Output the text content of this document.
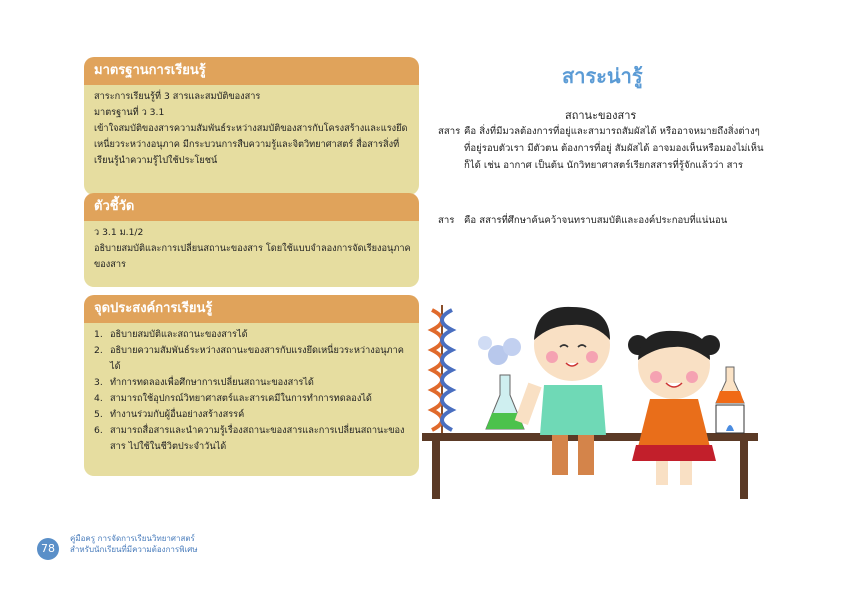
มาตรฐานการเรียนรู้

สาระการเรียนรู้ที่ 3 สารและสมบัติของสาร

มาตรฐานที่ ว 3.1

เข้าใจสมบัติของสารความสัมพันธ์ระหว่างสมบัติของสารกับโครงสร้างและแรงยึดเหนี่ยวระหว่างอนุภาค มีกระบวนการสืบความรู้และจิตวิทยาศาสตร์ สื่อสารสิ่งที่เรียนรู้นำความรู้ไปใช้ประโยชน์

ตัวชี้วัด

ว 3.1 ม.1/2

อธิบายสมบัติและการเปลี่ยนสถานะของสาร โดยใช้แบบจำลองการจัดเรียงอนุภาคของสาร

จุดประสงค์การเรียนรู้
1. อธิบายสมบัติและสถานะของสารได้
2. อธิบายความสัมพันธ์ระหว่างสถานะของสารกับแรงยึดเหนี่ยวระหว่างอนุภาคได้
3. ทำการทดลองเพื่อศึกษาการเปลี่ยนสถานะของสารได้
4. สามารถใช้อุปกรณ์วิทยาศาสตร์และสารเคมีในการทำการทดลองได้
5. ทำงานร่วมกับผู้อื่นอย่างสร้างสรรค์
6. สามารถสื่อสารและนำความรู้เรื่องสถานะของสารและการเปลี่ยนสถานะของสาร ไปใช้ในชีวิตประจำวันได้
สาระน่ารู้
สถานะของสาร
สสาร คือ สิ่งที่มีมวลต้องการที่อยู่และสามารถสัมผัสได้ หรืออาจหมายถึงสิ่งต่างๆ ที่อยู่รอบตัวเรา มีตัวตน ต้องการที่อยู่ สัมผัสได้ อาจมองเห็นหรือมองไม่เห็นก็ได้ เช่น อากาศ เป็นต้น นักวิทยาศาสตร์เรียกสสารที่รู้จักแล้วว่า สาร
สาร คือ สสารที่ศึกษาค้นคว้าจนทราบสมบัติและองค์ประกอบที่แน่นอน
78
คู่มือครู การจัดการเรียนวิทยาศาสตร์
สำหรับนักเรียนที่มีความต้องการพิเศษ
